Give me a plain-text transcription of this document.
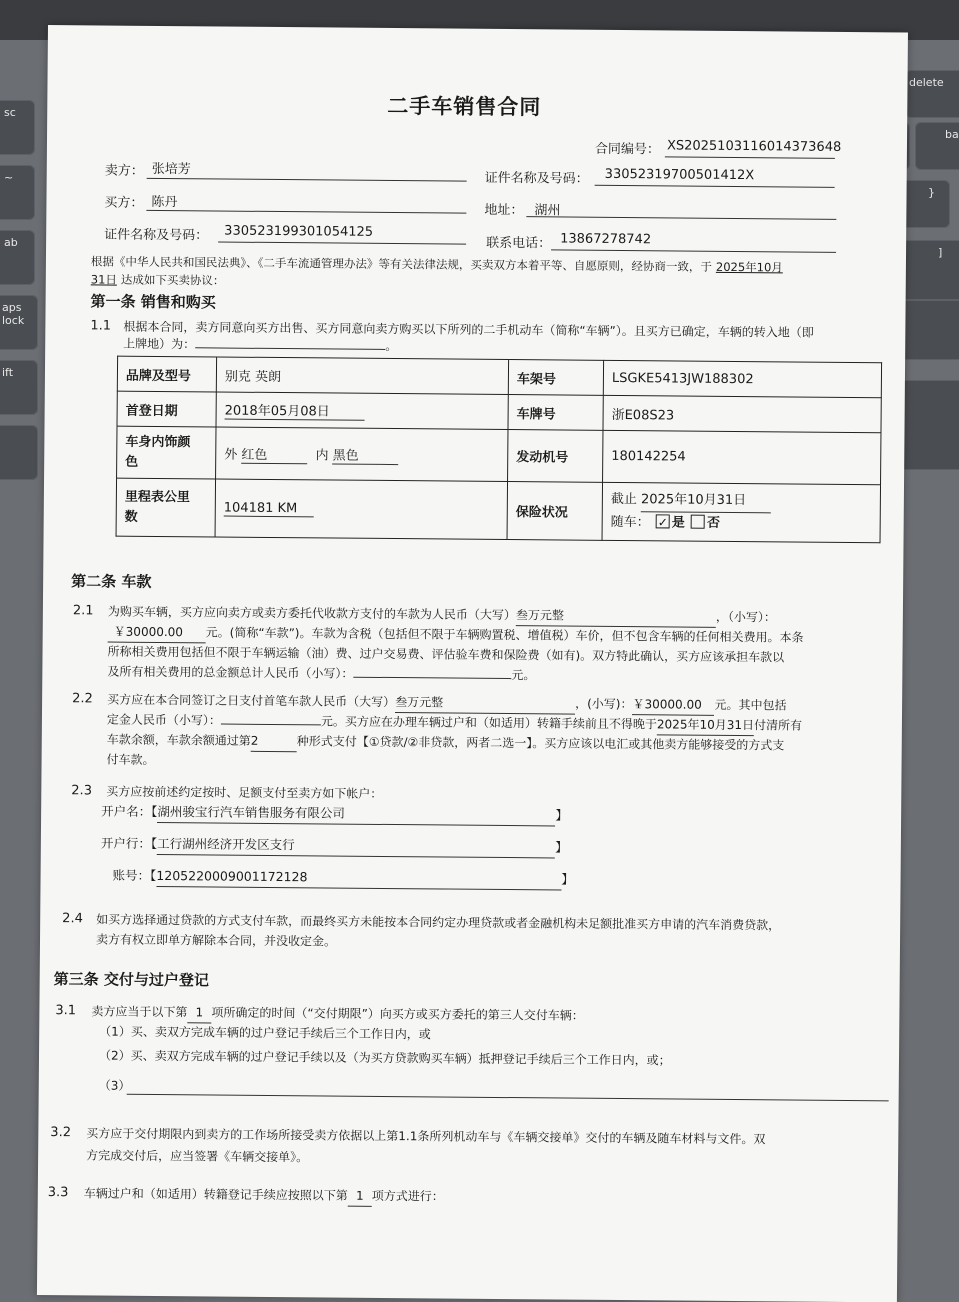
sc
~
ab
aps lock
ift
delete
ba
}
]
二手车销售合同
合同编号： XS2025103116014373648
卖方： 张培芳
证件名称及号码： 33052319700501412X
买方： 陈丹
地址： 湖州
证件名称及号码： 330523199301054125
联系电话： 13867278742
根据《中华人民共和国民法典》、《二手车流通管理办法》等有关法律法规，买卖双方本着平等、自愿原则，经协商一致，于 2025年10月
31日 达成如下买卖协议：
第一条 销售和购买
1.1 根据本合同，卖方同意向买方出售、买方同意向卖方购买以下所列的二手机动车（简称“车辆”）。且买方已确定，车辆的转入地（即
上牌地）为：	。
品牌及型号	别克 英朗	车架号	LSGKE5413JW188302
首登日期	2018年05月08日	车牌号	浙E08S23
车身内饰颜
色	外 红色 内 黑色	发动机号	180142254
里程表公里
数	104181 KM	保险状况	截止 2025年10月31日
随车： ✓ 是 否
第二条 车款
2.1 为购买车辆，买方应向卖方或卖方委托代收款方支付的车款为人民币（大写）叁万元整	，（小写）：
￥30000.00 元。(简称“车款”)。车款为含税（包括但不限于车辆购置税、增值税）车价，但不包含车辆的任何相关费用。本条
所称相关费用包括但不限于车辆运输（油）费、过户交易费、评估验车费和保险费（如有)。双方特此确认，买方应该承担车款以
及所有相关费用的总金额总计人民币（小写）：	元。
2.2 买方应在本合同签订之日支付首笔车款人民币（大写）叁万元整	，(小写)：￥30000.00 元。其中包括
定金人民币（小写）：	元。买方应在办理车辆过户和（如适用）转籍手续前且不得晚于2025年10月31日付清所有
车款余额，车款余额通过第2	种形式支付【①贷款/②非贷款，两者二选一】。买方应该以电汇或其他卖方能够接受的方式支
付车款。
2.3 买方应按前述约定按时、足额支付至卖方如下帐户：
开户名：【湖州骏宝行汽车销售服务有限公司	】
开户行：【工行湖州经济开发区支行	】
账号：【1205220009001172128	】
2.4 如买方选择通过贷款的方式支付车款，而最终买方未能按本合同约定办理贷款或者金融机构未足额批准买方申请的汽车消费贷款，
卖方有权立即单方解除本合同，并没收定金。
第三条 交付与过户登记
3.1 卖方应当于以下第 1 项所确定的时间（“交付期限”）向买方或买方委托的第三人交付车辆：
（1）买、卖双方完成车辆的过户登记手续后三个工作日内，或
（2）买、卖双方完成车辆的过户登记手续以及（为买方贷款购买车辆）抵押登记手续后三个工作日内，或；
（3）
3.2 买方应于交付期限内到卖方的工作场所接受卖方依据以上第1.1条所列机动车与《车辆交接单》交付的车辆及随车材料与文件。双
方完成交付后，应当签署《车辆交接单》。
3.3 车辆过户和（如适用）转籍登记手续应按照以下第 1 项方式进行：
